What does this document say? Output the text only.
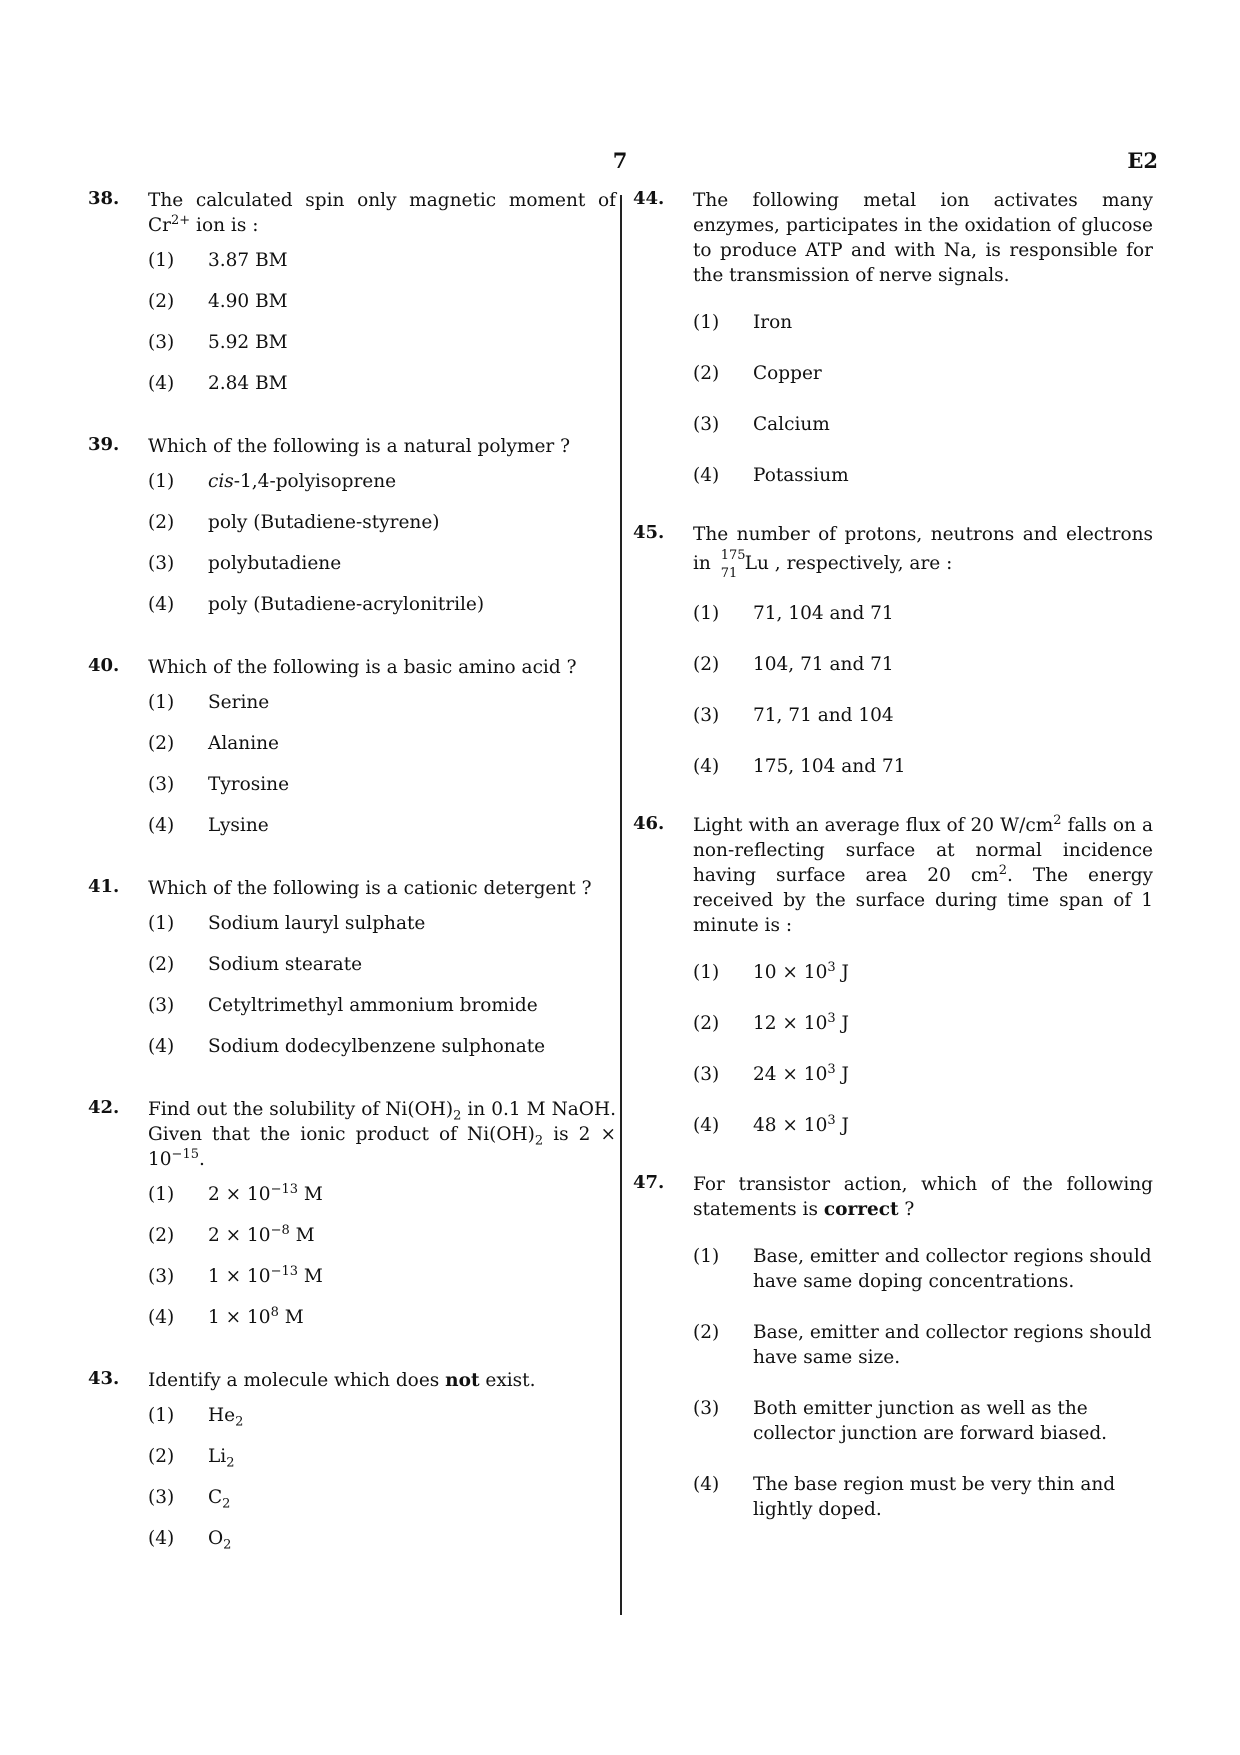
7	E2
38. The calculated spin only magnetic moment of $Cr^{2+}$ ion is :
(1) 3.87 BM
(2) 4.90 BM
(3) 5.92 BM
(4) 2.84 BM
39. Which of the following is a natural polymer ?
(1) cis-1,4-polyisoprene
(2) poly (Butadiene-styrene)
(3) polybutadiene
(4) poly (Butadiene-acrylonitrile)
40. Which of the following is a basic amino acid ?
(1) Serine
(2) Alanine
(3) Tyrosine
(4) Lysine
41. Which of the following is a cationic detergent ?
(1) Sodium lauryl sulphate
(2) Sodium stearate
(3) Cetyltrimethyl ammonium bromide
(4) Sodium dodecylbenzene sulphonate
42. Find out the solubility of $Ni(OH)_2$ in 0.1 M NaOH. Given that the ionic product of $Ni(OH)_2$ is $2 \times 10^{-15}$.
(1) $2 \times 10^{-13}$ M
(2) $2 \times 10^{-8}$ M
(3) $1 \times 10^{-13}$ M
(4) $1 \times 10^8$ M
43. Identify a molecule which does not exist.
(1) $He_2$
(2) $Li_2$
(3) $C_2$
(4) $O_2$
44. The following metal ion activates many enzymes, participates in the oxidation of glucose to produce ATP and with Na, is responsible for the transmission of nerve signals.
(1) Iron
(2) Copper
(3) Calcium
(4) Potassium
45. The number of protons, neutrons and electrons in 175
71 Lu , respectively, are :
(1) 71, 104 and 71
(2) 104, 71 and 71
(3) 71, 71 and 104
(4) 175, 104 and 71
46. Light with an average flux of 20 $W/cm^2$ falls on a non-reflecting surface at normal incidence having surface area 20 $cm^2$. The energy received by the surface during time span of 1 minute is :
(1) $10 \times 10^3$ J
(2) $12 \times 10^3$ J
(3) $24 \times 10^3$ J
(4) $48 \times 10^3$ J
47. For transistor action, which of the following statements is correct ?
(1) Base, emitter and collector regions should have same doping concentrations.
(2) Base, emitter and collector regions should have same size.
(3) Both emitter junction as well as the collector junction are forward biased.
(4) The base region must be very thin and lightly doped.
